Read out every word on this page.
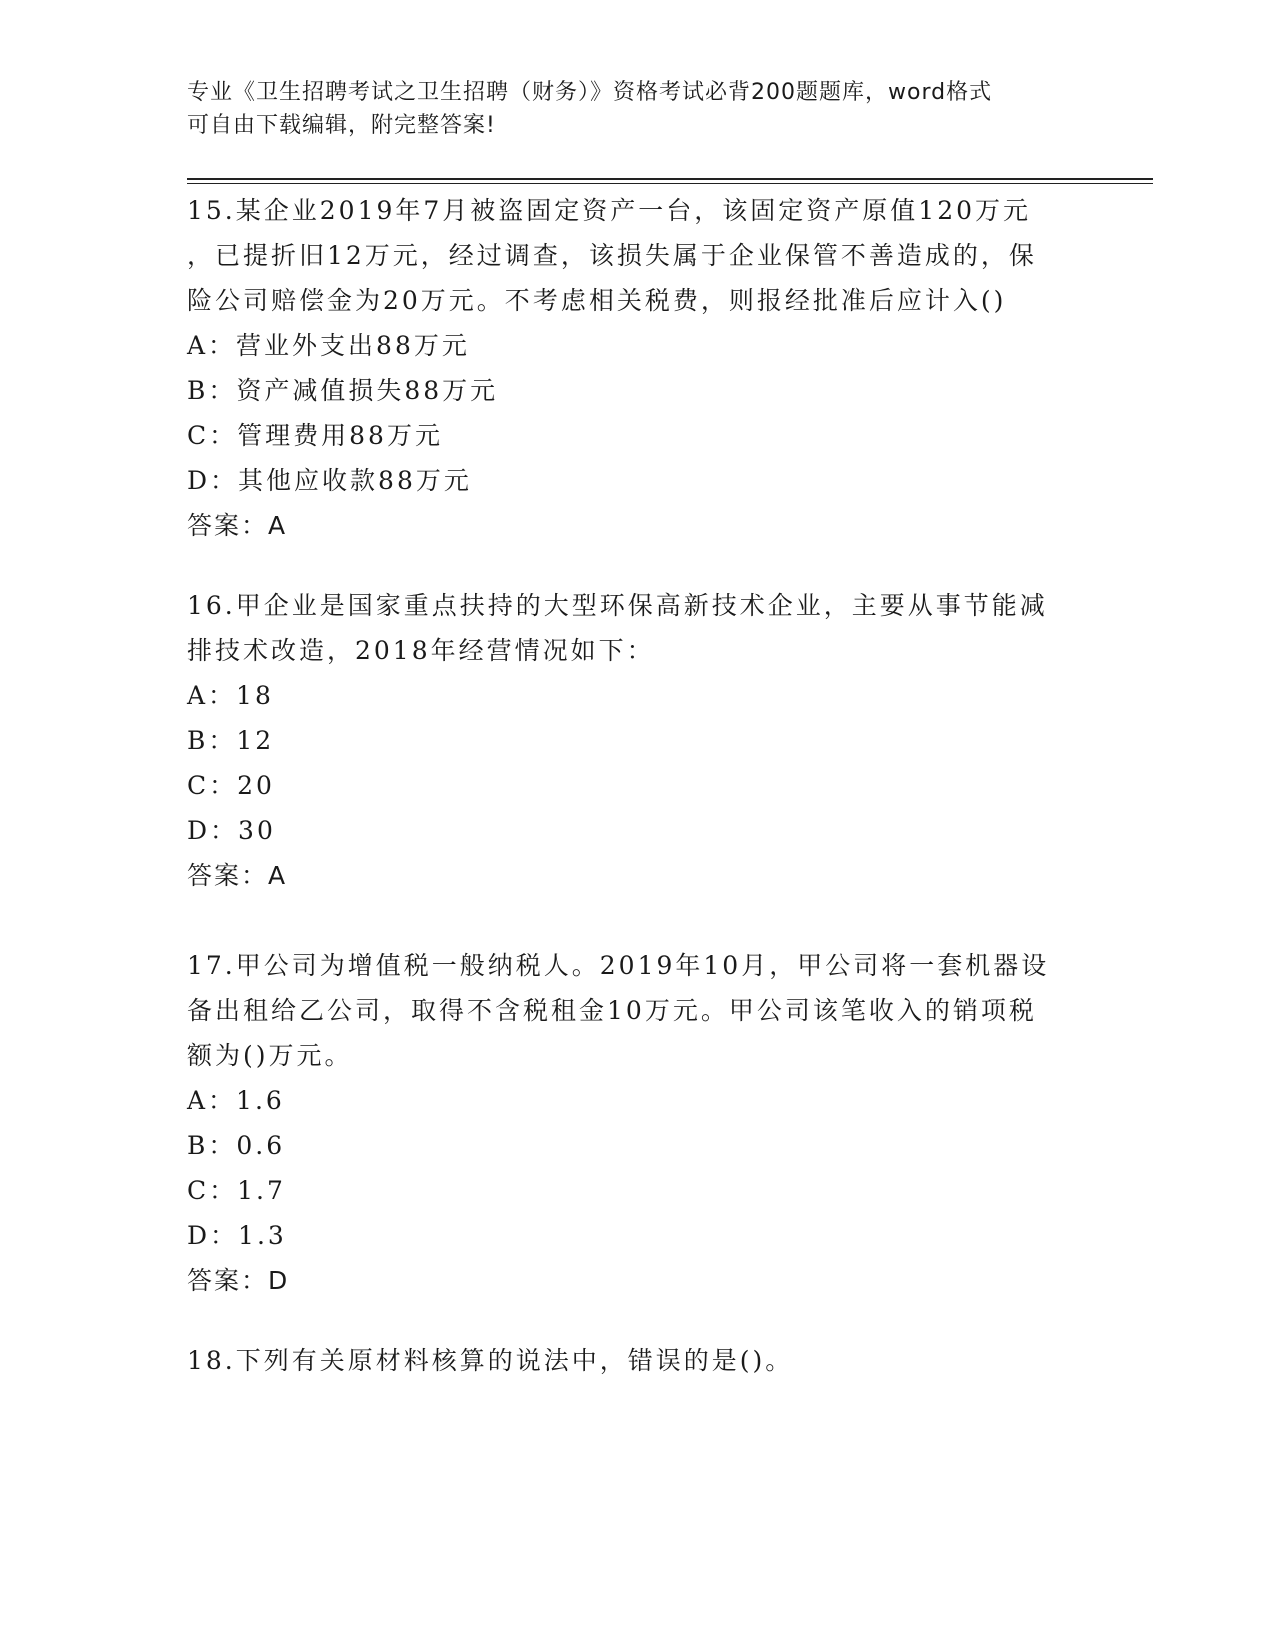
专业《卫生招聘考试之卫生招聘（财务）》资格考试必背200题题库，word格式
可自由下载编辑，附完整答案!
15.某企业2019年7月被盗固定资产一台，该固定资产原值120万元
，已提折旧12万元，经过调查，该损失属于企业保管不善造成的，保
险公司赔偿金为20万元。不考虑相关税费，则报经批准后应计入()
A：营业外支出88万元
B：资产减值损失88万元
C：管理费用88万元
D：其他应收款88万元
答案：A
16.甲企业是国家重点扶持的大型环保高新技术企业，主要从事节能减
排技术改造，2018年经营情况如下：
A：18
B：12
C：20
D：30
答案：A
17.甲公司为增值税一般纳税人。2019年10月，甲公司将一套机器设
备出租给乙公司，取得不含税租金10万元。甲公司该笔收入的销项税
额为()万元。
A：1.6
B：0.6
C：1.7
D：1.3
答案：D
18.下列有关原材料核算的说法中，错误的是()。
